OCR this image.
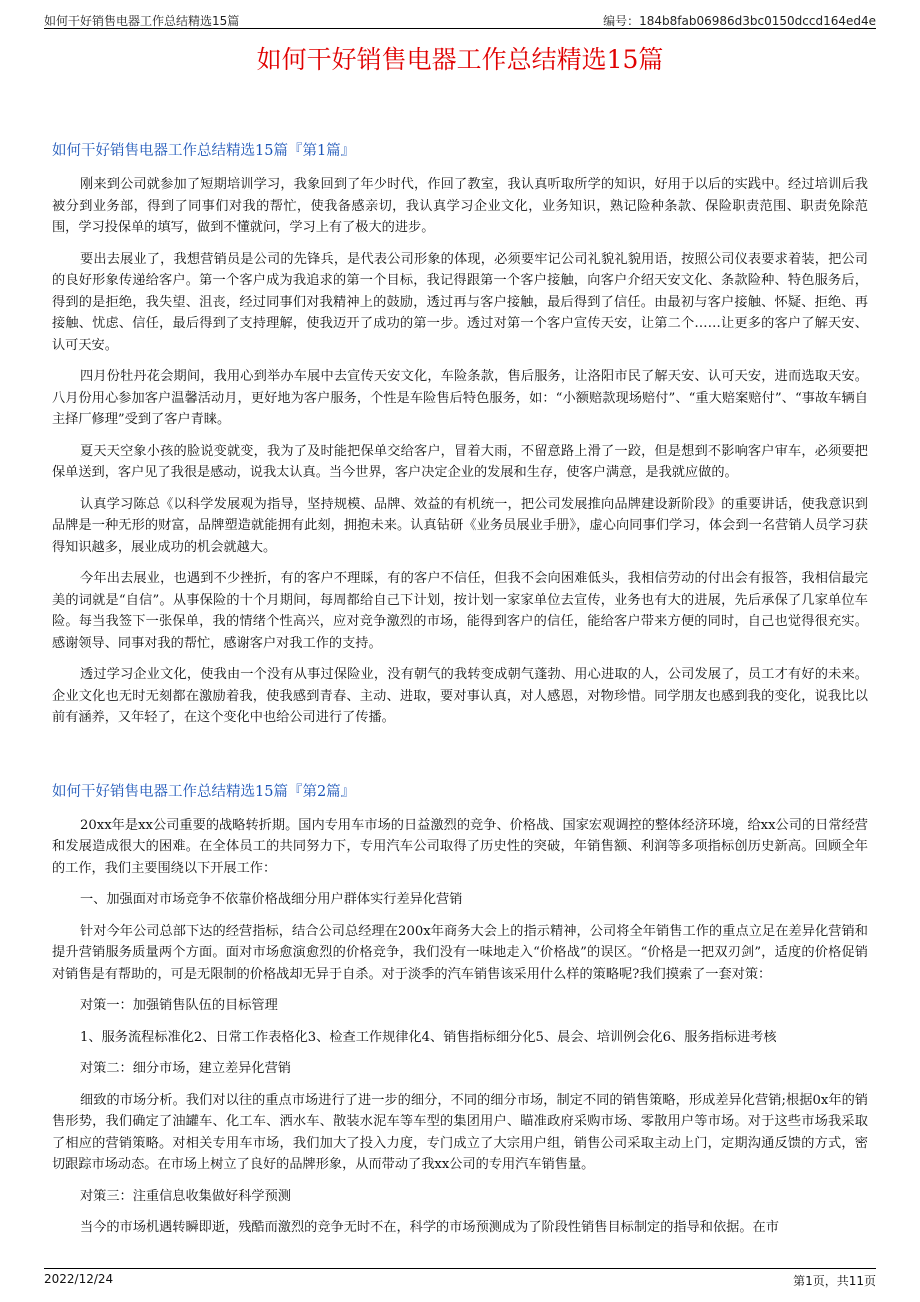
如何干好销售电器工作总结精选15篇	编号：184b8fab06986d3bc0150dccd164ed4e
如何干好销售电器工作总结精选15篇
如何干好销售电器工作总结精选15篇『第1篇』

刚来到公司就参加了短期培训学习，我象回到了年少时代，作回了教室，我认真听取所学的知识，好用于以后的实践中。经过培训后我被分到业务部，得到了同事们对我的帮忙，使我备感亲切，我认真学习企业文化，业务知识，熟记险种条款、保险职责范围、职责免除范围，学习投保单的填写，做到不懂就问，学习上有了极大的进步。

要出去展业了，我想营销员是公司的先锋兵，是代表公司形象的体现，必须要牢记公司礼貌礼貌用语，按照公司仪表要求着装，把公司的良好形象传递给客户。第一个客户成为我追求的第一个目标，我记得跟第一个客户接触，向客户介绍天安文化、条款险种、特色服务后，得到的是拒绝，我失望、沮丧，经过同事们对我精神上的鼓励，透过再与客户接触，最后得到了信任。由最初与客户接触、怀疑、拒绝、再接触、忧虑、信任，最后得到了支持理解，使我迈开了成功的第一步。透过对第一个客户宣传天安，让第二个……让更多的客户了解天安、认可天安。

四月份牡丹花会期间，我用心到举办车展中去宣传天安文化，车险条款，售后服务，让洛阳市民了解天安、认可天安，进而选取天安。八月份用心参加客户温馨活动月，更好地为客户服务，个性是车险售后特色服务，如：“小额赔款现场赔付”、“重大赔案赔付”、“事故车辆自主择厂修理”受到了客户青睐。

夏天天空象小孩的脸说变就变，我为了及时能把保单交给客户，冒着大雨，不留意路上滑了一跤，但是想到不影响客户审车，必须要把保单送到，客户见了我很是感动，说我太认真。当今世界，客户决定企业的发展和生存，使客户满意，是我就应做的。

认真学习陈总《以科学发展观为指导，坚持规模、品牌、效益的有机统一，把公司发展推向品牌建设新阶段》的重要讲话，使我意识到品牌是一种无形的财富，品牌塑造就能拥有此刻，拥抱未来。认真钻研《业务员展业手册》，虚心向同事们学习，体会到一名营销人员学习获得知识越多，展业成功的机会就越大。

今年出去展业，也遇到不少挫折，有的客户不理睬，有的客户不信任，但我不会向困难低头，我相信劳动的付出会有报答，我相信最完美的词就是“自信”。从事保险的十个月期间，每周都给自己下计划，按计划一家家单位去宣传，业务也有大的进展，先后承保了几家单位车险。每当我签下一张保单，我的情绪个性高兴，应对竞争激烈的市场，能得到客户的信任，能给客户带来方便的同时，自己也觉得很充实。感谢领导、同事对我的帮忙，感谢客户对我工作的支持。

透过学习企业文化，使我由一个没有从事过保险业，没有朝气的我转变成朝气蓬勃、用心进取的人，公司发展了，员工才有好的未来。企业文化也无时无刻都在激励着我，使我感到青春、主动、进取，要对事认真，对人感恩，对物珍惜。同学朋友也感到我的变化，说我比以前有涵养，又年轻了，在这个变化中也给公司进行了传播。

如何干好销售电器工作总结精选15篇『第2篇』

20xx年是xx公司重要的战略转折期。国内专用车市场的日益激烈的竞争、价格战、国家宏观调控的整体经济环境，给xx公司的日常经营和发展造成很大的困难。在全体员工的共同努力下，专用汽车公司取得了历史性的突破，年销售额、利润等多项指标创历史新高。回顾全年的工作，我们主要围绕以下开展工作：

一、加强面对市场竞争不依靠价格战细分用户群体实行差异化营销

针对今年公司总部下达的经营指标，结合公司总经理在200x年商务大会上的指示精神，公司将全年销售工作的重点立足在差异化营销和提升营销服务质量两个方面。面对市场愈演愈烈的价格竞争，我们没有一味地走入“价格战”的误区。“价格是一把双刃剑”，适度的价格促销对销售是有帮助的，可是无限制的价格战却无异于自杀。对于淡季的汽车销售该采用什么样的策略呢?我们摸索了一套对策：

对策一：加强销售队伍的目标管理

1、服务流程标准化2、日常工作表格化3、检查工作规律化4、销售指标细分化5、晨会、培训例会化6、服务指标进考核

对策二：细分市场，建立差异化营销

细致的市场分析。我们对以往的重点市场进行了进一步的细分，不同的细分市场，制定不同的销售策略，形成差异化营销;根据0x年的销售形势，我们确定了油罐车、化工车、洒水车、散装水泥车等车型的集团用户、瞄准政府采购市场、零散用户等市场。对于这些市场我采取了相应的营销策略。对相关专用车市场，我们加大了投入力度，专门成立了大宗用户组，销售公司采取主动上门，定期沟通反馈的方式，密切跟踪市场动态。在市场上树立了良好的品牌形象，从而带动了我xx公司的专用汽车销售量。

对策三：注重信息收集做好科学预测

当今的市场机遇转瞬即逝，残酷而激烈的竞争无时不在，科学的市场预测成为了阶段性销售目标制定的指导和依据。在市

2022/12/24	第1页，共11页
